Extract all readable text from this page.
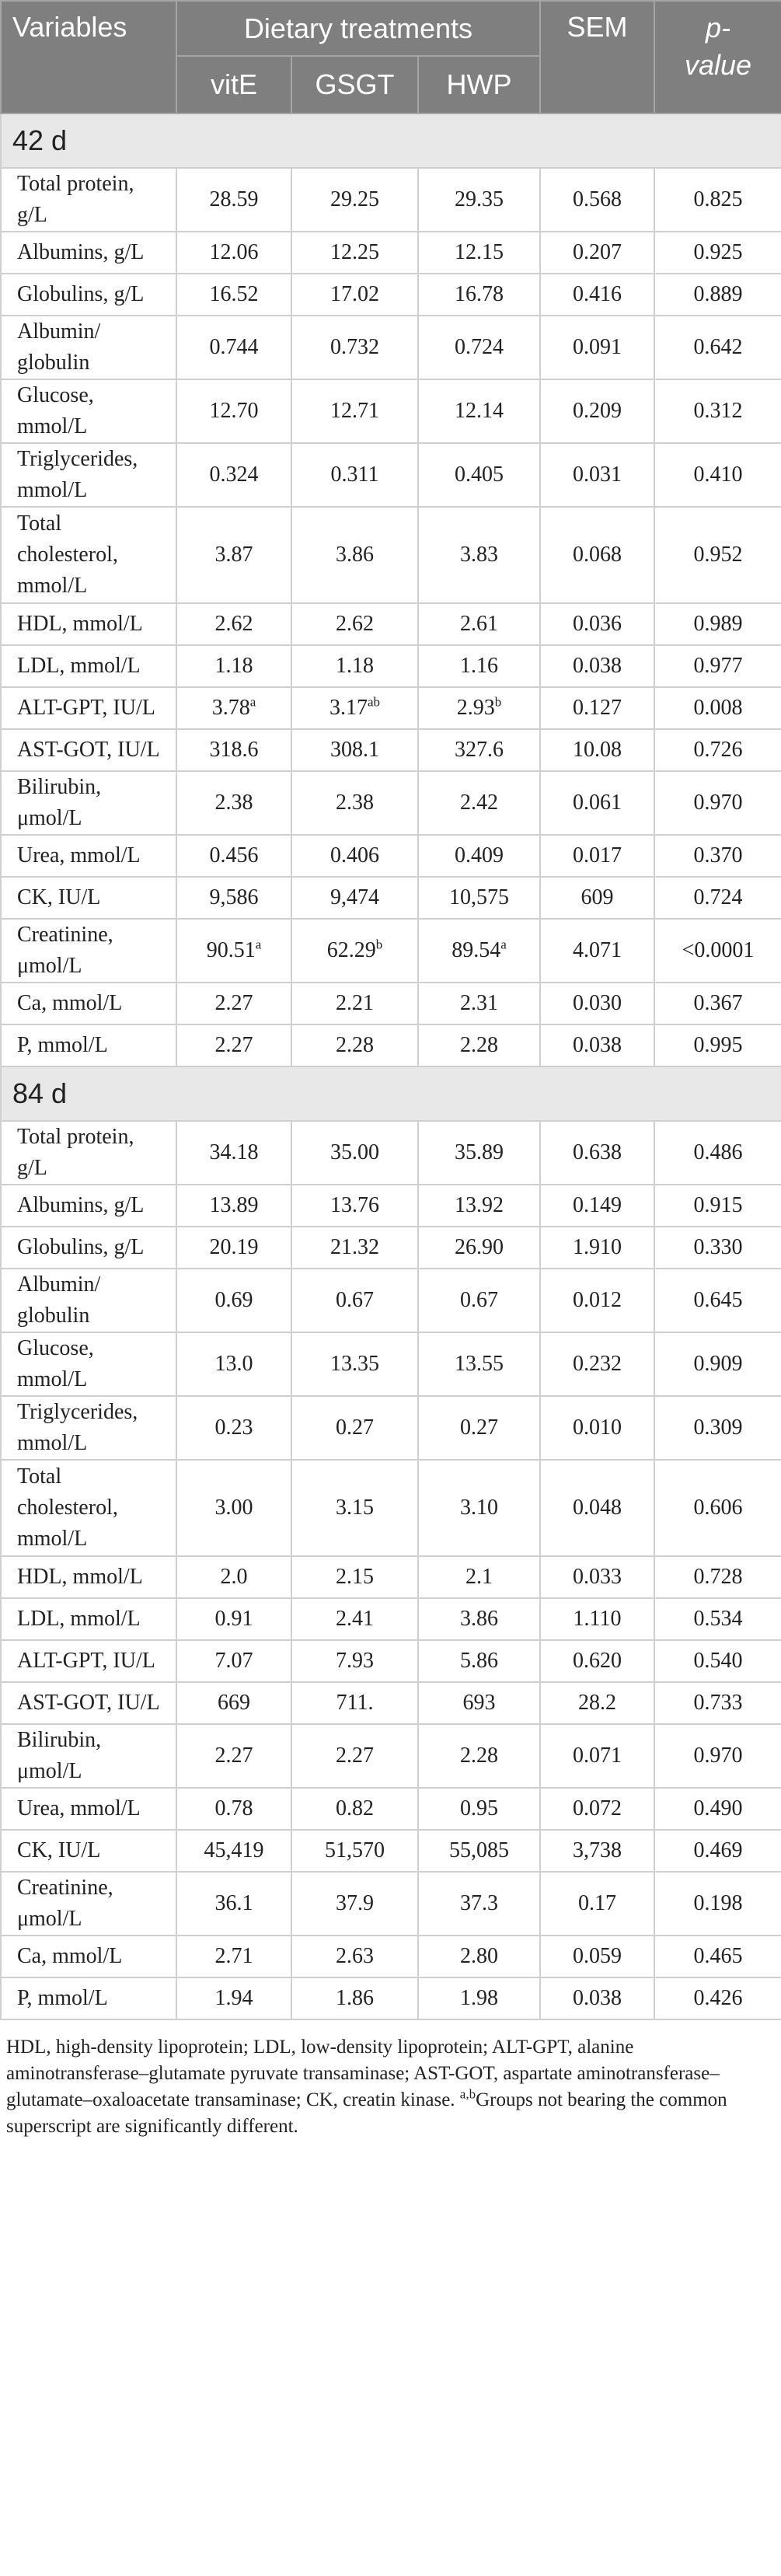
Variables	Dietary treatments			SEM	p-
value
	vitE	GSGT	HWP		
42 d					
Total protein,
g/L	28.59	29.25	29.35	0.568	0.825
Albumins, g/L	12.06	12.25	12.15	0.207	0.925
Globulins, g/L	16.52	17.02	16.78	0.416	0.889
Albumin/
globulin	0.744	0.732	0.724	0.091	0.642
Glucose,
mmol/L	12.70	12.71	12.14	0.209	0.312
Triglycerides,
mmol/L	0.324	0.311	0.405	0.031	0.410
Total
cholesterol,
mmol/L	3.87	3.86	3.83	0.068	0.952
HDL, mmol/L	2.62	2.62	2.61	0.036	0.989
LDL, mmol/L	1.18	1.18	1.16	0.038	0.977
ALT-GPT, IU/L	3.78$^a$	3.17$^{ab}$	2.93$^b$	0.127	0.008
AST-GOT, IU/L	318.6	308.1	327.6	10.08	0.726
Bilirubin,
μmol/L	2.38	2.38	2.42	0.061	0.970
Urea, mmol/L	0.456	0.406	0.409	0.017	0.370
CK, IU/L	9,586	9,474	10,575	609	0.724
Creatinine,
μmol/L	90.51$^a$	62.29$^b$	89.54$^a$	4.071	<0.0001
Ca, mmol/L	2.27	2.21	2.31	0.030	0.367
P, mmol/L	2.27	2.28	2.28	0.038	0.995
84 d					
Total protein,
g/L	34.18	35.00	35.89	0.638	0.486
Albumins, g/L	13.89	13.76	13.92	0.149	0.915
Globulins, g/L	20.19	21.32	26.90	1.910	0.330
Albumin/
globulin	0.69	0.67	0.67	0.012	0.645
Glucose,
mmol/L	13.0	13.35	13.55	0.232	0.909
Triglycerides,
mmol/L	0.23	0.27	0.27	0.010	0.309
Total
cholesterol,
mmol/L	3.00	3.15	3.10	0.048	0.606
HDL, mmol/L	2.0	2.15	2.1	0.033	0.728
LDL, mmol/L	0.91	2.41	3.86	1.110	0.534
ALT-GPT, IU/L	7.07	7.93	5.86	0.620	0.540
AST-GOT, IU/L	669	711.	693	28.2	0.733
Bilirubin,
μmol/L	2.27	2.27	2.28	0.071	0.970
Urea, mmol/L	0.78	0.82	0.95	0.072	0.490
CK, IU/L	45,419	51,570	55,085	3,738	0.469
Creatinine,
μmol/L	36.1	37.9	37.3	0.17	0.198
Ca, mmol/L	2.71	2.63	2.80	0.059	0.465
P, mmol/L	1.94	1.86	1.98	0.038	0.426
HDL, high-density lipoprotein; LDL, low-density lipoprotein; ALT-GPT, alanine aminotransferase–glutamate pyruvate transaminase; AST-GOT, aspartate aminotransferase–glutamate–oxaloacetate transaminase; CK, creatin kinase. $^{a,b}$Groups not bearing the common superscript are significantly different.
